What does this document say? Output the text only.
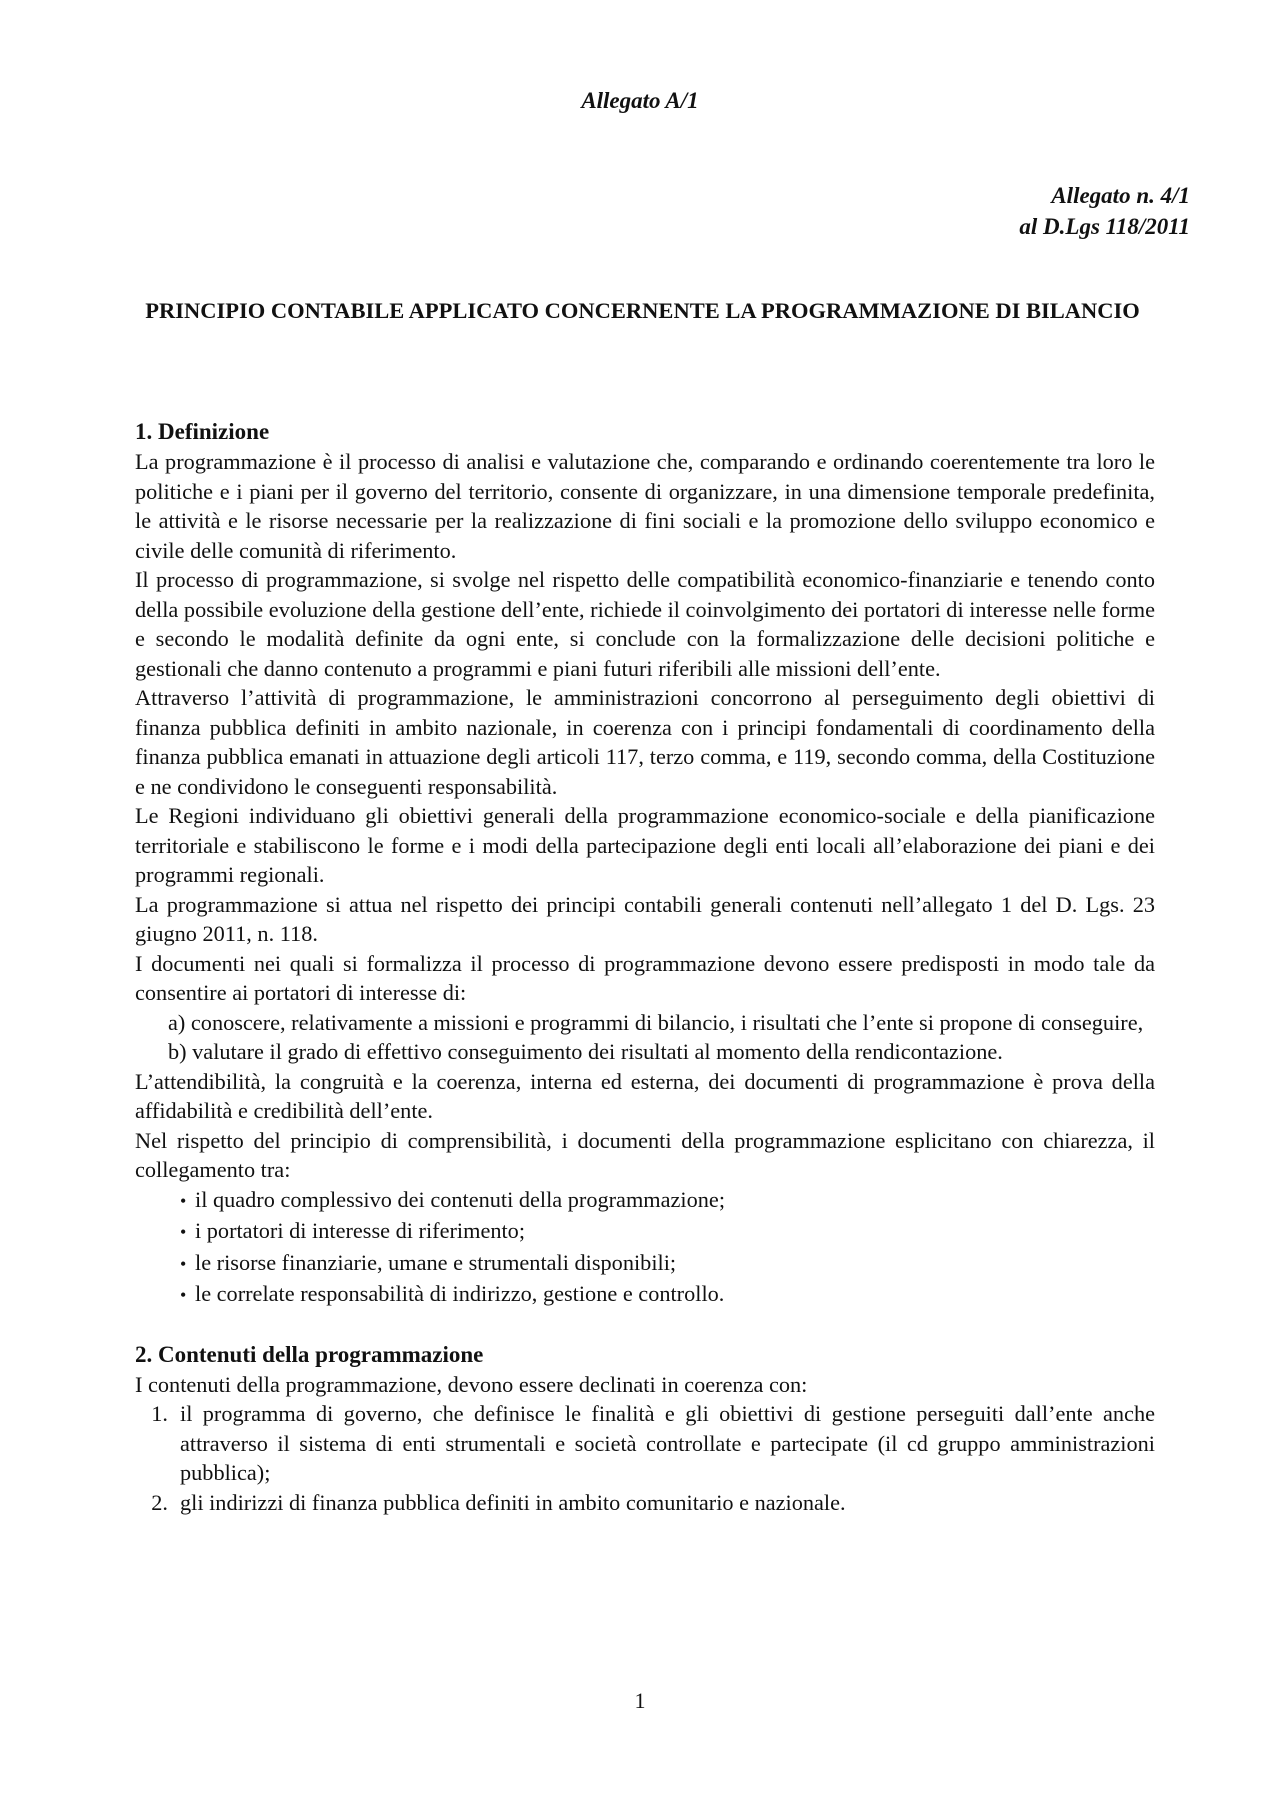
Allegato A/1
Allegato n. 4/1
al D.Lgs 118/2011
PRINCIPIO CONTABILE APPLICATO CONCERNENTE LA PROGRAMMAZIONE DI BILANCIO
1. Definizione

La programmazione è il processo di analisi e valutazione che, comparando e ordinando coerentemente tra loro le politiche e i piani per il governo del territorio, consente di organizzare, in una dimensione temporale predefinita, le attività e le risorse necessarie per la realizzazione di fini sociali e la promozione dello sviluppo economico e civile delle comunità di riferimento.

Il processo di programmazione, si svolge nel rispetto delle compatibilità economico-finanziarie e tenendo conto della possibile evoluzione della gestione dell’ente, richiede il coinvolgimento dei portatori di interesse nelle forme e secondo le modalità definite da ogni ente, si conclude con la formalizzazione delle decisioni politiche e gestionali che danno contenuto a programmi e piani futuri riferibili alle missioni dell’ente.

Attraverso l’attività di programmazione, le amministrazioni concorrono al perseguimento degli obiettivi di finanza pubblica definiti in ambito nazionale, in coerenza con i principi fondamentali di coordinamento della finanza pubblica emanati in attuazione degli articoli 117, terzo comma, e 119, secondo comma, della Costituzione e ne condividono le conseguenti responsabilità.

Le Regioni individuano gli obiettivi generali della programmazione economico-sociale e della pianificazione territoriale e stabiliscono le forme e i modi della partecipazione degli enti locali all’elaborazione dei piani e dei programmi regionali.

La programmazione si attua nel rispetto dei principi contabili generali contenuti nell’allegato 1 del D. Lgs. 23 giugno 2011, n. 118.

I documenti nei quali si formalizza il processo di programmazione devono essere predisposti in modo tale da consentire ai portatori di interesse di:

a) conoscere, relativamente a missioni e programmi di bilancio, i risultati che l’ente si propone di conseguire,

b) valutare il grado di effettivo conseguimento dei risultati al momento della rendicontazione.

L’attendibilità, la congruità e la coerenza, interna ed esterna, dei documenti di programmazione è prova della affidabilità e credibilità dell’ente.

Nel rispetto del principio di comprensibilità, i documenti della programmazione esplicitano con chiarezza, il collegamento tra:

• il quadro complessivo dei contenuti della programmazione;
• i portatori di interesse di riferimento;
• le risorse finanziarie, umane e strumentali disponibili;
• le correlate responsabilità di indirizzo, gestione e controllo.
2. Contenuti della programmazione

I contenuti della programmazione, devono essere declinati in coerenza con:

1. il programma di governo, che definisce le finalità e gli obiettivi di gestione perseguiti dall’ente anche attraverso il sistema di enti strumentali e società controllate e partecipate (il cd gruppo amministrazioni pubblica);
2. gli indirizzi di finanza pubblica definiti in ambito comunitario e nazionale.
1
